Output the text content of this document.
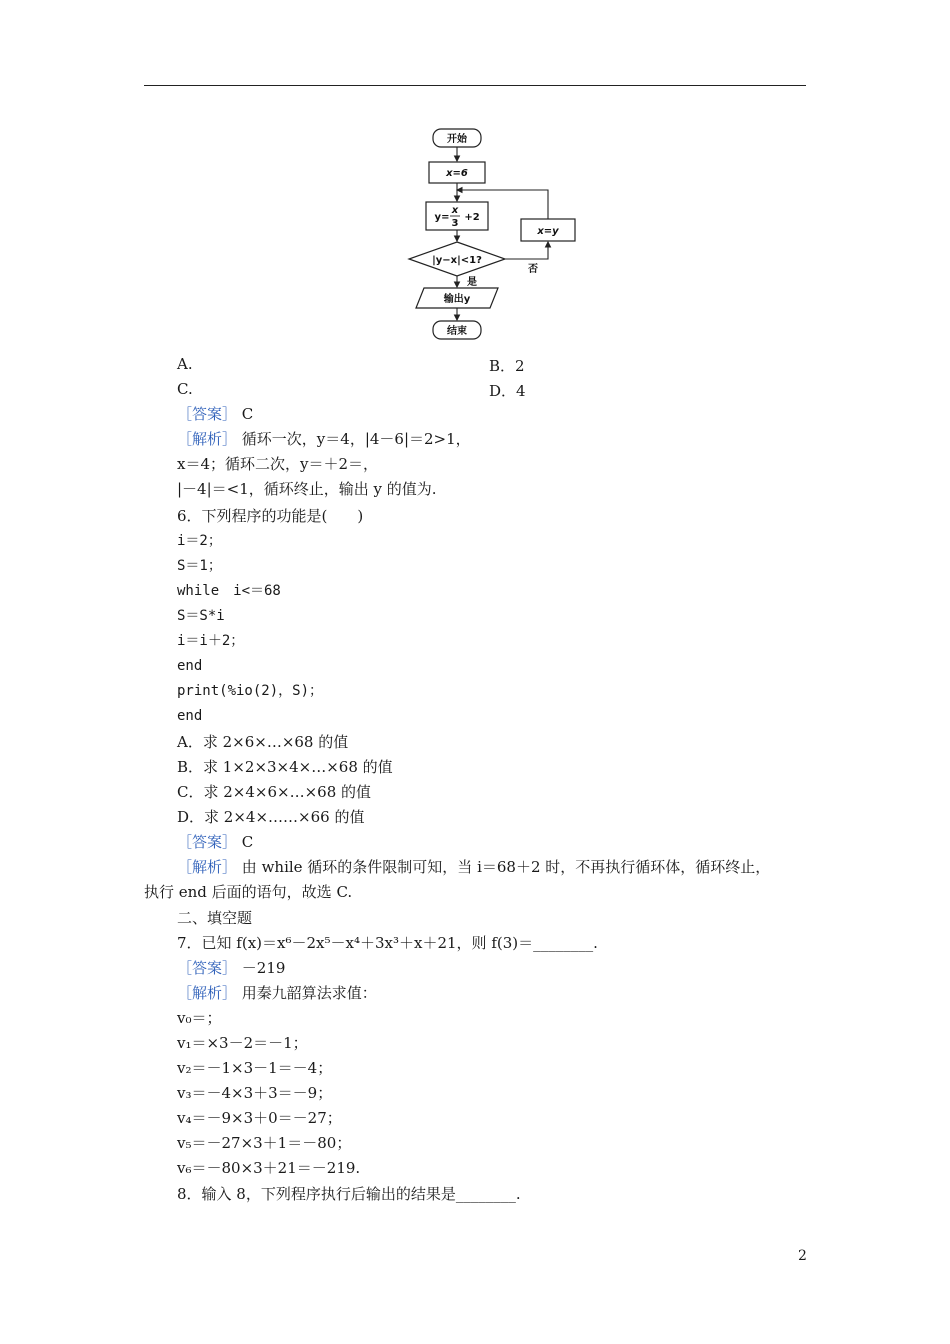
开始
x=6
y=
x
3
+2
|y−x|<1?
x=y
是
否
输出y
结束
A.	B．2
C.	D．4
［答案］ C
［解析］ 循环一次，y＝4，|4－6|＝2>1，
x＝4；循环二次，y＝＋2＝，
|－4|＝<1，循环终止，输出 y 的值为.
6．下列程序的功能是(　　)
i＝2；
S＝1；
while　i<＝68
S＝S*i
i＝i＋2；
end
print(%io(2)，S)；
end
A．求 2×6×…×68 的值
B．求 1×2×3×4×…×68 的值
C．求 2×4×6×…×68 的值
D．求 2×4×……×66 的值
［答案］ C
［解析］ 由 while 循环的条件限制可知，当 i＝68＋2 时，不再执行循环体，循环终止，
执行 end 后面的语句，故选 C.
二、填空题
7．已知 f(x)＝x⁶－2x⁵－x⁴＋3x³＋x＋21，则 f(3)＝________.
［答案］ －219
［解析］ 用秦九韶算法求值：
v₀＝；
v₁＝×3－2＝－1；
v₂＝－1×3－1＝－4；
v₃＝－4×3＋3＝－9；
v₄＝－9×3＋0＝－27；
v₅＝－27×3＋1＝－80；
v₆＝－80×3＋21＝－219.
8．输入 8，下列程序执行后输出的结果是________.
2
